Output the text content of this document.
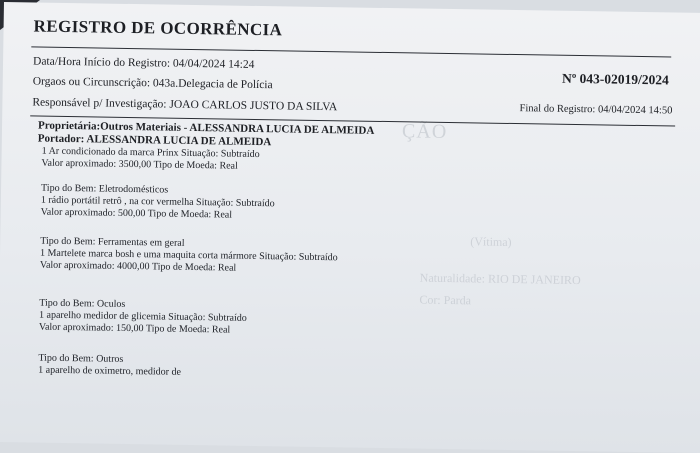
ÇÃO
(Vítima)
Naturalidade: RIO DE JANEIRO
Cor: Parda
REGISTRO DE OCORRÊNCIA
Data/Hora Início do Registro: 04/04/2024 14:24
Nº 043-02019/2024
Orgaos ou Circunscrição: 043a.Delegacia de Polícia
Final do Registro: 04/04/2024 14:50
Responsável p/ Investigação: JOAO CARLOS JUSTO DA SILVA
Proprietária:Outros Materiais - ALESSANDRA LUCIA DE ALMEIDA
Portador: ALESSANDRA LUCIA DE ALMEIDA
1 Ar condicionado da marca Prinx Situação: Subtraído
Valor aproximado: 3500,00 Tipo de Moeda: Real
Tipo do Bem: Eletrodomésticos
1 rádio portátil retrô , na cor vermelha Situação: Subtraído
Valor aproximado: 500,00 Tipo de Moeda: Real
Tipo do Bem: Ferramentas em geral
1 Martelete marca bosh e uma maquita corta mármore Situação: Subtraído
Valor aproximado: 4000,00 Tipo de Moeda: Real
Tipo do Bem: Oculos
1 aparelho medidor de glicemia Situação: Subtraído
Valor aproximado: 150,00 Tipo de Moeda: Real
Tipo do Bem: Outros
1 aparelho de oximetro, medidor de
